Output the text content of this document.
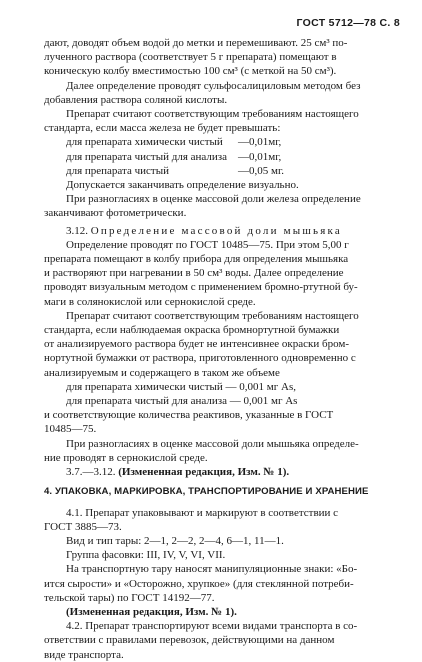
ГОСТ 5712—78 С. 8

дают, доводят объем водой до метки и перемешивают. 25 см³ по-

лученного раствора (соответствует 5 г препарата) помещают в

коническую колбу вместимостью 100 см³ (с меткой на 50 см³).

Далее определение проводят сульфосалициловым методом без

добавления раствора соляной кислоты.

Препарат считают соответствующим требованиям настоящего

стандарта, если масса железа не будет превышать:

для препарата химически чистый	—0,01мг,
для препарата чистый для анализа	—0,01мг,
для препарата чистый	—0,05 мг.

Допускается заканчивать определение визуально.

При разногласиях в оценке массовой доли железа определение

заканчивают фотометрически.

3.12. Определение массовой доли мышьяка

Определение проводят по ГОСТ 10485—75. При этом 5,00 г

препарата помещают в колбу прибора для определения мышьяка

и растворяют при нагревании в 50 см³ воды. Далее определение

проводят визуальным методом с применением бромно-ртутной бу-

маги в солянокислой или сернокислой среде.

Препарат считают соответствующим требованиям настоящего

стандарта, если наблюдаемая окраска бромнортутной бумажки

от анализируемого раствора будет не интенсивнее окраски бром-

нортутной бумажки от раствора, приготовленного одновременно с

анализируемым и содержащего в таком же объеме

для препарата химически чистый — 0,001 мг As,

для препарата чистый для анализа — 0,001 мг As

и соответствующие количества реактивов, указанные в ГОСТ

10485—75.

При разногласиях в оценке массовой доли мышьяка определе-

ние проводят в сернокислой среде.

3.7.—3.12. (Измененная редакция, Изм. № 1).

4. УПАКОВКА, МАРКИРОВКА, ТРАНСПОРТИРОВАНИЕ И ХРАНЕНИЕ

4.1. Препарат упаковывают и маркируют в соответствии с

ГОСТ 3885—73.

Вид и тип тары: 2—1, 2—2, 2—4, 6—1, 11—1.

Группа фасовки: III, IV, V, VI, VII.

На транспортную тару наносят манипуляционные знаки: «Бо-

ится сырости» и «Осторожно, хрупкое» (для стеклянной потреби-

тельской тары) по ГОСТ 14192—77.

(Измененная редакция, Изм. № 1).

4.2. Препарат транспортируют всеми видами транспорта в со-

ответствии с правилами перевозок, действующими на данном

виде транспорта.
